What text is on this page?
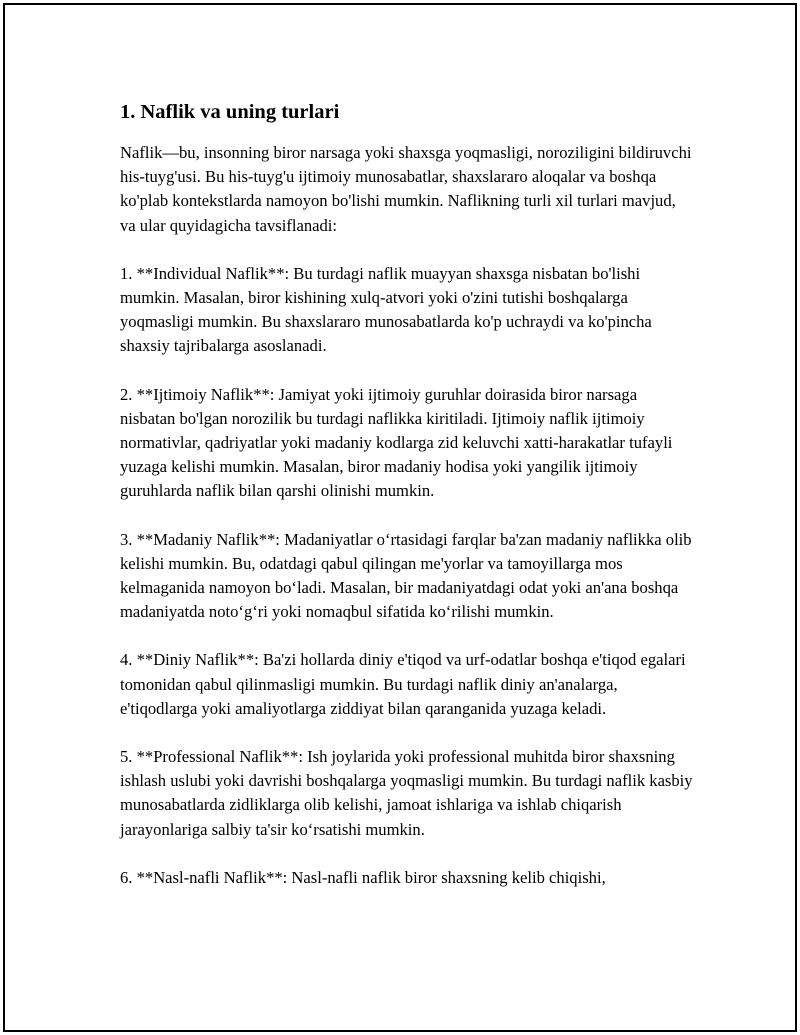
1. Naflik va uning turlari

Naflik—bu, insonning biror narsaga yoki shaxsga yoqmasligi, noroziligini bildiruvchi his-tuyg'usi. Bu his-tuyg'u ijtimoiy munosabatlar, shaxslararo aloqalar va boshqa ko'plab kontekstlarda namoyon bo'lishi mumkin. Naflikning turli xil turlari mavjud, va ular quyidagicha tavsiflanadi:

1. **Individual Naflik**: Bu turdagi naflik muayyan shaxsga nisbatan bo'lishi mumkin. Masalan, biror kishining xulq-atvori yoki o'zini tutishi boshqalarga yoqmasligi mumkin. Bu shaxslararo munosabatlarda ko'p uchraydi va ko'pincha shaxsiy tajribalarga asoslanadi.

2. **Ijtimoiy Naflik**: Jamiyat yoki ijtimoiy guruhlar doirasida biror narsaga nisbatan bo'lgan norozilik bu turdagi naflikka kiritiladi. Ijtimoiy naflik ijtimoiy normativlar, qadriyatlar yoki madaniy kodlarga zid keluvchi xatti-harakatlar tufayli yuzaga kelishi mumkin. Masalan, biror madaniy hodisa yoki yangilik ijtimoiy guruhlarda naflik bilan qarshi olinishi mumkin.

3. **Madaniy Naflik**: Madaniyatlar o‘rtasidagi farqlar ba'zan madaniy naflikka olib kelishi mumkin. Bu, odatdagi qabul qilingan me'yorlar va tamoyillarga mos kelmaganida namoyon bo‘ladi. Masalan, bir madaniyatdagi odat yoki an'ana boshqa madaniyatda noto‘g‘ri yoki nomaqbul sifatida ko‘rilishi mumkin.

4. **Diniy Naflik**: Ba'zi hollarda diniy e'tiqod va urf-odatlar boshqa e'tiqod egalari tomonidan qabul qilinmasligi mumkin. Bu turdagi naflik diniy an'analarga, e'tiqodlarga yoki amaliyotlarga ziddiyat bilan qaranganida yuzaga keladi.

5. **Professional Naflik**: Ish joylarida yoki professional muhitda biror shaxsning ishlash uslubi yoki davrishi boshqalarga yoqmasligi mumkin. Bu turdagi naflik kasbiy munosabatlarda zidliklarga olib kelishi, jamoat ishlariga va ishlab chiqarish jarayonlariga salbiy ta'sir ko‘rsatishi mumkin.

6. **Nasl-nafli Naflik**: Nasl-nafli naflik biror shaxsning kelib chiqishi,
